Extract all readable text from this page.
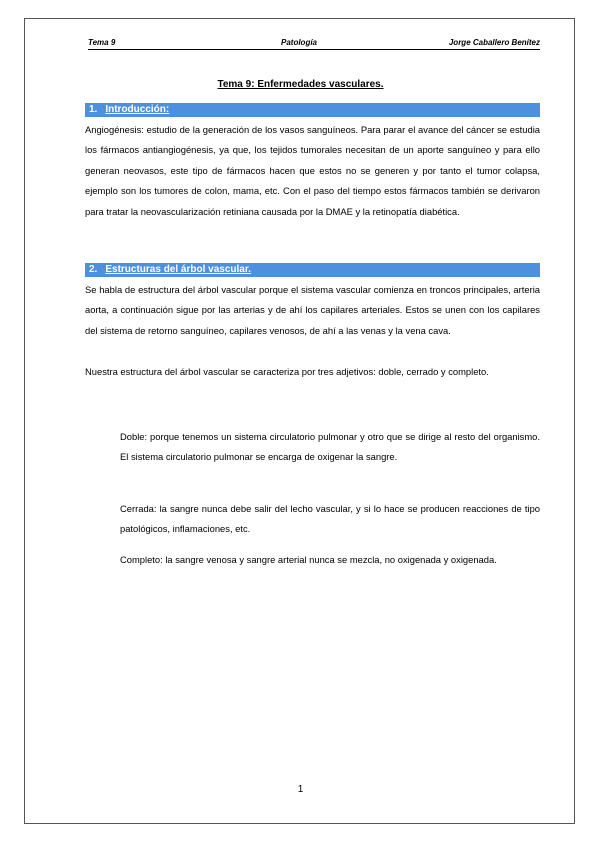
Tema 9	Patología	Jorge Caballero Benítez
Tema 9: Enfermedades vasculares.
1. Introducción:

Angiogénesis: estudio de la generación de los vasos sanguíneos. Para parar el avance del cáncer se estudia los fármacos antiangiogénesis, ya que, los tejidos tumorales necesitan de un aporte sanguíneo y para ello generan neovasos, este tipo de fármacos hacen que estos no se generen y por tanto el tumor colapsa, ejemplo son los tumores de colon, mama, etc. Con el paso del tiempo estos fármacos también se derivaron para tratar la neovascularización retiniana causada por la DMAE y la retinopatía diabética.

2. Estructuras del árbol vascular.

Se habla de estructura del árbol vascular porque el sistema vascular comienza en troncos principales, arteria aorta, a continuación sigue por las arterias y de ahí los capilares arteriales. Estos se unen con los capilares del sistema de retorno sanguíneo, capilares venosos, de ahí a las venas y la vena cava.

Nuestra estructura del árbol vascular se caracteriza por tres adjetivos: doble, cerrado y completo.

Doble: porque tenemos un sistema circulatorio pulmonar y otro que se dirige al resto del organismo. El sistema circulatorio pulmonar se encarga de oxigenar la sangre.

Cerrada: la sangre nunca debe salir del lecho vascular, y si lo hace se producen reacciones de tipo patológicos, inflamaciones, etc.

Completo: la sangre venosa y sangre arterial nunca se mezcla, no oxigenada y oxigenada.

1
